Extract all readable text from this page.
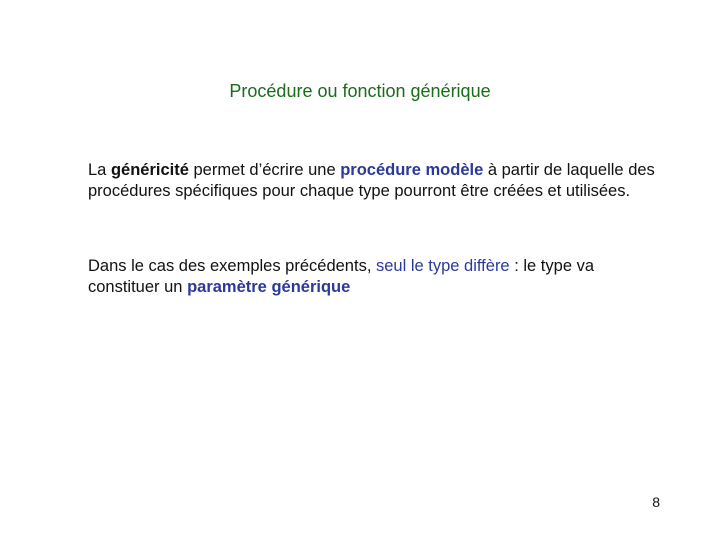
Procédure ou fonction générique
La généricité permet d’écrire une procédure modèle à partir de laquelle des procédures spécifiques pour chaque type pourront être créées et utilisées.
Dans le cas des exemples précédents, seul le type diffère : le type va constituer un paramètre générique
8
